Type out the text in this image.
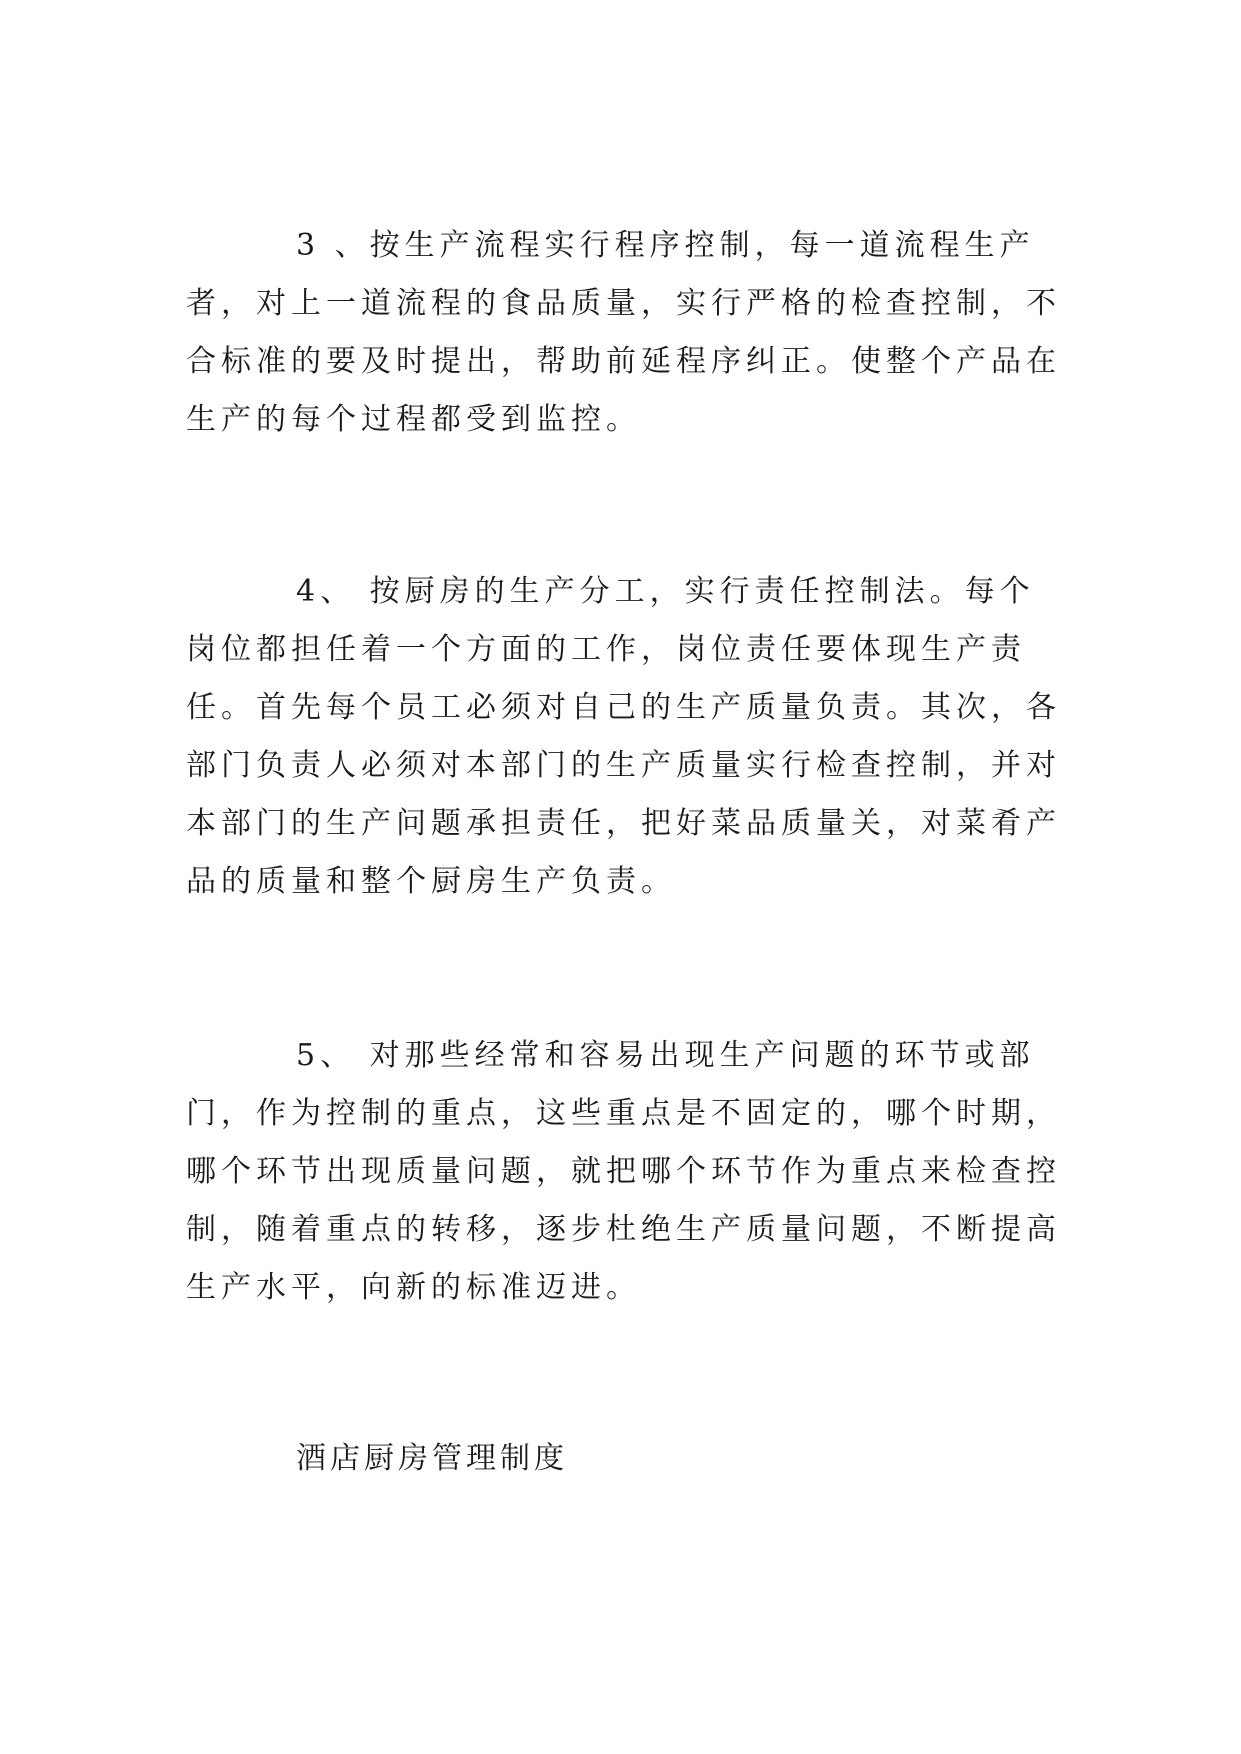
3 、按生产流程实行程序控制，每一道流程生产者，对上一道流程的食品质量，实行严格的检查控制，不合标准的要及时提出，帮助前延程序纠正。使整个产品在生产的每个过程都受到监控。

4、 按厨房的生产分工，实行责任控制法。每个岗位都担任着一个方面的工作，岗位责任要体现生产责任。首先每个员工必须对自己的生产质量负责。其次，各部门负责人必须对本部门的生产质量实行检查控制，并对本部门的生产问题承担责任，把好菜品质量关，对菜肴产品的质量和整个厨房生产负责。

5、 对那些经常和容易出现生产问题的环节或部门，作为控制的重点，这些重点是不固定的，哪个时期，哪个环节出现质量问题，就把哪个环节作为重点来检查控制，随着重点的转移，逐步杜绝生产质量问题，不断提高生产水平，向新的标准迈进。

酒店厨房管理制度
